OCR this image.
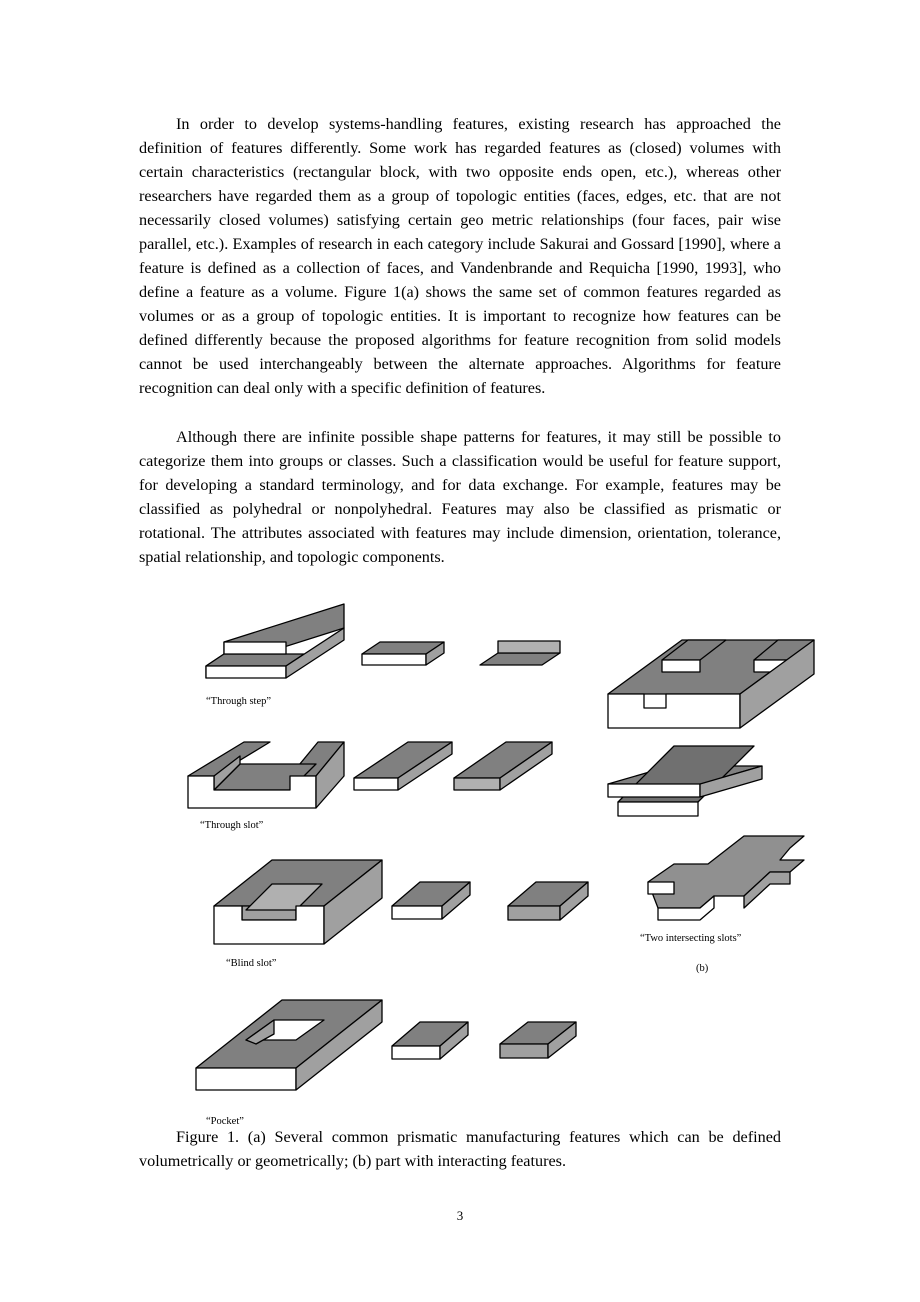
In order to develop systems-handling features, existing research has approached the definition of features differently. Some work has regarded features as (closed) volumes with certain characteristics (rectangular block, with two opposite ends open, etc.), whereas other researchers have regarded them as a group of topologic entities (faces, edges, etc. that are not necessarily closed volumes) satisfying certain geo metric relationships (four faces, pair wise parallel, etc.). Examples of research in each category include Sakurai and Gossard [1990], where a feature is defined as a collection of faces, and Vandenbrande and Requicha [1990, 1993], who define a feature as a volume. Figure 1(a) shows the same set of common features regarded as volumes or as a group of topologic entities. It is important to recognize how features can be defined differently because the proposed algorithms for feature recognition from solid models cannot be used interchangeably between the alternate approaches. Algorithms for feature recognition can deal only with a specific definition of features.

Although there are infinite possible shape patterns for features, it may still be possible to categorize them into groups or classes. Such a classification would be useful for feature support, for developing a standard terminology, and for data exchange. For example, features may be classified as polyhedral or nonpolyhedral. Features may also be classified as prismatic or rotational. The attributes associated with features may include dimension, orientation, tolerance, spatial relationship, and topologic components.

“Through step”
“Through slot”
“Blind slot”
“Pocket”
“Two intersecting slots”
(b)

Figure 1. (a) Several common prismatic manufacturing features which can be defined volumetrically or geometrically; (b) part with interacting features.

3
